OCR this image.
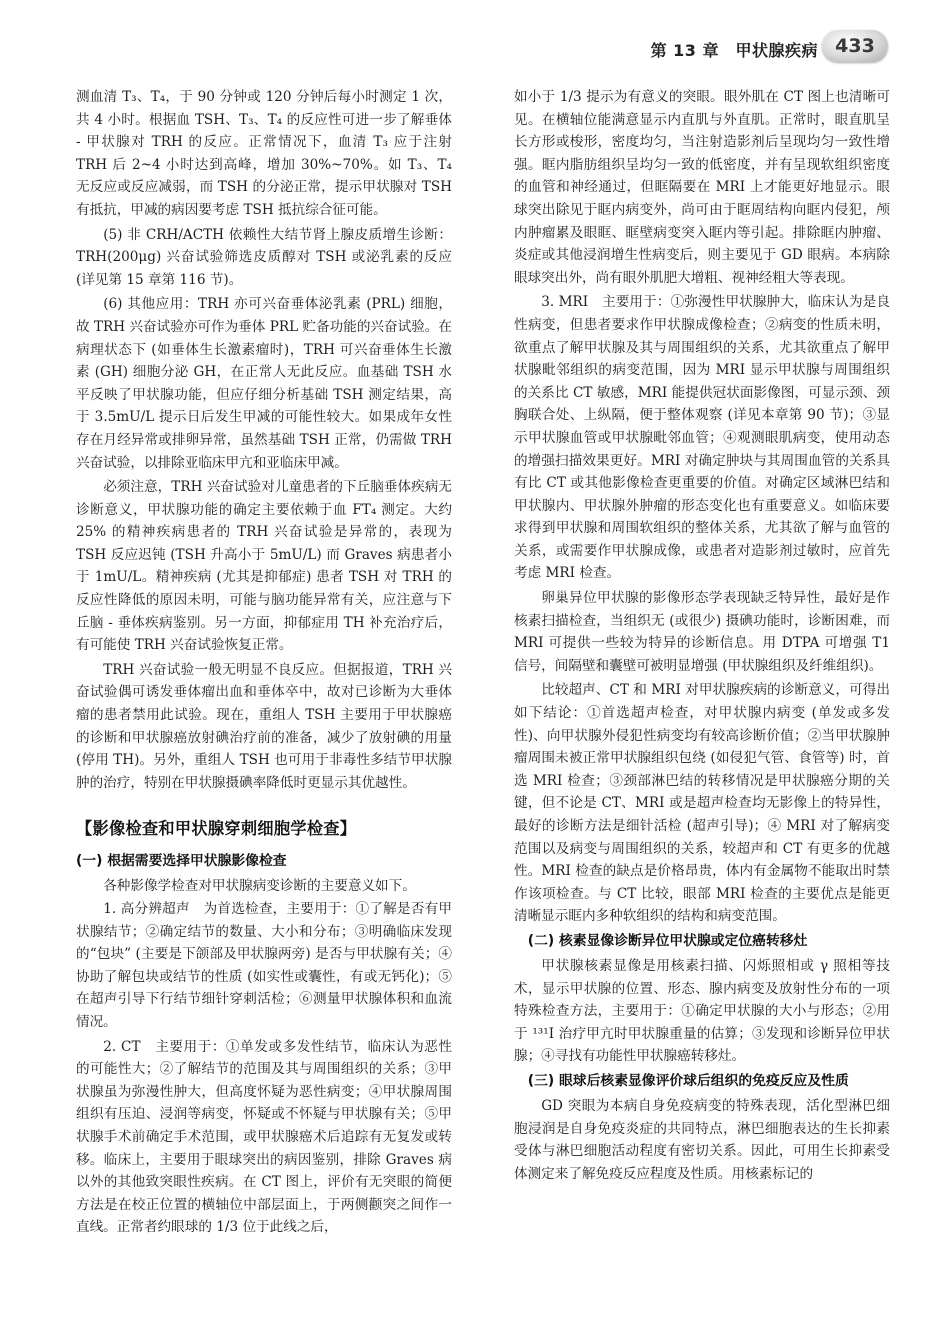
第 13 章　甲状腺疾病 433

测血清 T₃、T₄，于 90 分钟或 120 分钟后每小时测定 1 次，共 4 小时。根据血 TSH、T₃、T₄ 的反应性可进一步了解垂体 - 甲状腺对 TRH 的反应。正常情况下，血清 T₃ 应于注射 TRH 后 2~4 小时达到高峰，增加 30%~70%。如 T₃、T₄ 无反应或反应减弱，而 TSH 的分泌正常，提示甲状腺对 TSH 有抵抗，甲减的病因要考虑 TSH 抵抗综合征可能。

(5) 非 CRH/ACTH 依赖性大结节肾上腺皮质增生诊断：TRH(200μg) 兴奋试验筛选皮质醇对 TSH 或泌乳素的反应 (详见第 15 章第 116 节)。

(6) 其他应用：TRH 亦可兴奋垂体泌乳素 (PRL) 细胞，故 TRH 兴奋试验亦可作为垂体 PRL 贮备功能的兴奋试验。在病理状态下 (如垂体生长激素瘤时)，TRH 可兴奋垂体生长激素 (GH) 细胞分泌 GH，在正常人无此反应。血基础 TSH 水平反映了甲状腺功能，但应仔细分析基础 TSH 测定结果，高于 3.5mU/L 提示日后发生甲减的可能性较大。如果成年女性存在月经异常或排卵异常，虽然基础 TSH 正常，仍需做 TRH 兴奋试验，以排除亚临床甲亢和亚临床甲减。

必须注意，TRH 兴奋试验对儿童患者的下丘脑垂体疾病无诊断意义，甲状腺功能的确定主要依赖于血 FT₄ 测定。大约 25% 的精神疾病患者的 TRH 兴奋试验是异常的，表现为 TSH 反应迟钝 (TSH 升高小于 5mU/L) 而 Graves 病患者小于 1mU/L。精神疾病 (尤其是抑郁症) 患者 TSH 对 TRH 的反应性降低的原因未明，可能与脑功能异常有关，应注意与下丘脑 - 垂体疾病鉴别。另一方面，抑郁症用 TH 补充治疗后，有可能使 TRH 兴奋试验恢复正常。

TRH 兴奋试验一般无明显不良反应。但据报道，TRH 兴奋试验偶可诱发垂体瘤出血和垂体卒中，故对已诊断为大垂体瘤的患者禁用此试验。现在，重组人 TSH 主要用于甲状腺癌的诊断和甲状腺癌放射碘治疗前的准备，减少了放射碘的用量 (停用 TH)。另外，重组人 TSH 也可用于非毒性多结节甲状腺肿的治疗，特别在甲状腺摄碘率降低时更显示其优越性。

【影像检查和甲状腺穿刺细胞学检查】
(一) 根据需要选择甲状腺影像检查

各种影像学检查对甲状腺病变诊断的主要意义如下。

1. 高分辨超声　为首选检查，主要用于：①了解是否有甲状腺结节；②确定结节的数量、大小和分布；③明确临床发现的“包块” (主要是下颌部及甲状腺两旁) 是否与甲状腺有关；④协助了解包块或结节的性质 (如实性或囊性，有或无钙化)；⑤在超声引导下行结节细针穿刺活检；⑥测量甲状腺体积和血流情况。

2. CT　主要用于：①单发或多发性结节，临床认为恶性的可能性大；②了解结节的范围及其与周围组织的关系；③甲状腺虽为弥漫性肿大，但高度怀疑为恶性病变；④甲状腺周围组织有压迫、浸润等病变，怀疑或不怀疑与甲状腺有关；⑤甲状腺手术前确定手术范围，或甲状腺癌术后追踪有无复发或转移。临床上，主要用于眼球突出的病因鉴别，排除 Graves 病以外的其他致突眼性疾病。在 CT 图上，评价有无突眼的简便方法是在校正位置的横轴位中部层面上，于两侧颧突之间作一直线。正常者约眼球的 1/3 位于此线之后，

如小于 1/3 提示为有意义的突眼。眼外肌在 CT 图上也清晰可见。在横轴位能满意显示内直肌与外直肌。正常时，眼直肌呈长方形或梭形，密度均匀，当注射造影剂后呈现均匀一致性增强。眶内脂肪组织呈均匀一致的低密度，并有呈现软组织密度的血管和神经通过，但眶隔要在 MRI 上才能更好地显示。眼球突出除见于眶内病变外，尚可由于眶周结构向眶内侵犯，颅内肿瘤累及眼眶、眶壁病变突入眶内等引起。排除眶内肿瘤、炎症或其他浸润增生性病变后，则主要见于 GD 眼病。本病除眼球突出外，尚有眼外肌肥大增粗、视神经粗大等表现。

3. MRI　主要用于：①弥漫性甲状腺肿大，临床认为是良性病变，但患者要求作甲状腺成像检查；②病变的性质未明，欲重点了解甲状腺及其与周围组织的关系，尤其欲重点了解甲状腺毗邻组织的病变范围，因为 MRI 显示甲状腺与周围组织的关系比 CT 敏感，MRI 能提供冠状面影像图，可显示颈、颈胸联合处、上纵隔，便于整体观察 (详见本章第 90 节)；③显示甲状腺血管或甲状腺毗邻血管；④观测眼肌病变，使用动态的增强扫描效果更好。MRI 对确定肿块与其周围血管的关系具有比 CT 或其他影像检查更重要的价值。对确定区域淋巴结和甲状腺内、甲状腺外肿瘤的形态变化也有重要意义。如临床要求得到甲状腺和周围软组织的整体关系，尤其欲了解与血管的关系，或需要作甲状腺成像，或患者对造影剂过敏时，应首先考虑 MRI 检查。

卵巢异位甲状腺的影像形态学表现缺乏特异性，最好是作核素扫描检查，当组织无 (或很少) 摄碘功能时，诊断困难，而 MRI 可提供一些较为特异的诊断信息。用 DTPA 可增强 T1 信号，间隔壁和囊壁可被明显增强 (甲状腺组织及纤维组织)。

比较超声、CT 和 MRI 对甲状腺疾病的诊断意义，可得出如下结论：①首选超声检查，对甲状腺内病变 (单发或多发性)、向甲状腺外侵犯性病变均有较高诊断价值；②当甲状腺肿瘤周围未被正常甲状腺组织包绕 (如侵犯气管、食管等) 时，首选 MRI 检查；③颈部淋巴结的转移情况是甲状腺癌分期的关键，但不论是 CT、MRI 或是超声检查均无影像上的特异性，最好的诊断方法是细针活检 (超声引导)；④ MRI 对了解病变范围以及病变与周围组织的关系，较超声和 CT 有更多的优越性。MRI 检查的缺点是价格昂贵，体内有金属物不能取出时禁作该项检查。与 CT 比较，眼部 MRI 检查的主要优点是能更清晰显示眶内多种软组织的结构和病变范围。

(二) 核素显像诊断异位甲状腺或定位癌转移灶

甲状腺核素显像是用核素扫描、闪烁照相或 γ 照相等技术，显示甲状腺的位置、形态、腺内病变及放射性分布的一项特殊检查方法，主要用于：①确定甲状腺的大小与形态；②用于 ¹³¹I 治疗甲亢时甲状腺重量的估算；③发现和诊断异位甲状腺；④寻找有功能性甲状腺癌转移灶。

(三) 眼球后核素显像评价球后组织的免疫反应及性质

GD 突眼为本病自身免疫病变的特殊表现，活化型淋巴细胞浸润是自身免疫炎症的共同特点，淋巴细胞表达的生长抑素受体与淋巴细胞活动程度有密切关系。因此，可用生长抑素受体测定来了解免疫反应程度及性质。用核素标记的
